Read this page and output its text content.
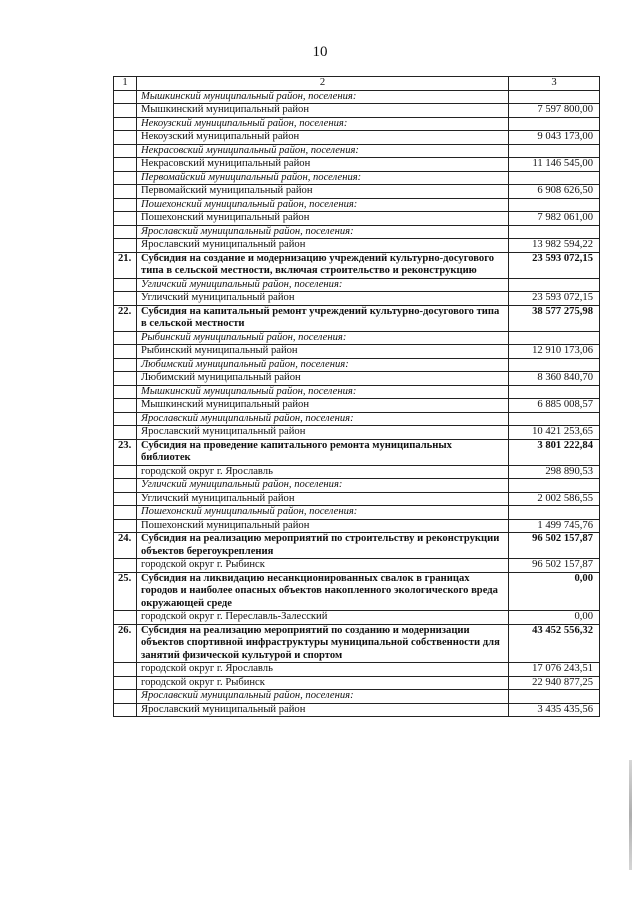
10
1	2	3
	Мышкинский муниципальный район, поселения:	
	Мышкинский муниципальный район	7 597 800,00
	Некоузский муниципальный район, поселения:	
	Некоузский муниципальный район	9 043 173,00
	Некрасовский муниципальный район, поселения:	
	Некрасовский муниципальный район	11 146 545,00
	Первомайский муниципальный район, поселения:	
	Первомайский муниципальный район	6 908 626,50
	Пошехонский муниципальный район, поселения:	
	Пошехонский муниципальный район	7 982 061,00
	Ярославский муниципальный район, поселения:	
	Ярославский муниципальный район	13 982 594,22
21.	Субсидия на создание и модернизацию учреждений культурно-досугового типа в сельской местности, включая строительство и реконструкцию	23 593 072,15
	Угличский муниципальный район, поселения:	
	Угличский муниципальный район	23 593 072,15
22.	Субсидия на капитальный ремонт учреждений культурно-досугового типа в сельской местности	38 577 275,98
	Рыбинский муниципальный район, поселения:	
	Рыбинский муниципальный район	12 910 173,06
	Любимский муниципальный район, поселения:	
	Любимский муниципальный район	8 360 840,70
	Мышкинский муниципальный район, поселения:	
	Мышкинский муниципальный район	6 885 008,57
	Ярославский муниципальный район, поселения:	
	Ярославский муниципальный район	10 421 253,65
23.	Субсидия на проведение капитального ремонта муниципальных библиотек	3 801 222,84
	городской округ г. Ярославль	298 890,53
	Угличский муниципальный район, поселения:	
	Угличский муниципальный район	2 002 586,55
	Пошехонский муниципальный район, поселения:	
	Пошехонский муниципальный район	1 499 745,76
24.	Субсидия на реализацию мероприятий по строительству и реконструкции объектов берегоукрепления	96 502 157,87
	городской округ г. Рыбинск	96 502 157,87
25.	Субсидия на ликвидацию несанкционированных свалок в границах городов и наиболее опасных объектов накопленного экологического вреда окружающей среде	0,00
	городской округ г. Переславль-Залесский	0,00
26.	Субсидия на реализацию мероприятий по созданию и модернизации объектов спортивной инфраструктуры муниципальной собственности для занятий физической культурой и спортом	43 452 556,32
	городской округ г. Ярославль	17 076 243,51
	городской округ г. Рыбинск	22 940 877,25
	Ярославский муниципальный район, поселения:	
	Ярославский муниципальный район	3 435 435,56
